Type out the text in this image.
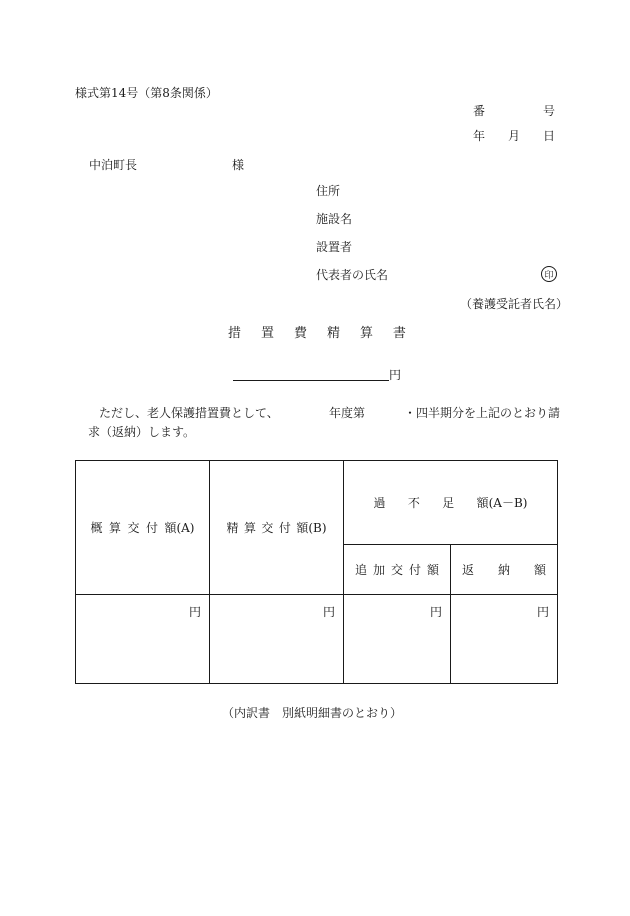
様式第14号（第8条関係）
番	号
年 月 日
中泊町長	様
住所
施設名
設置者
代表者の氏名	印
（養護受託者氏名）
措 置 費 精 算 書
円
ただし、老人保護措置費として、	年度第	・四半期分を上記のとおり請
求（返納）します。
概 算 交 付 額(A)	精 算 交 付 額(B)	過 不 足 額(A－B)	

		追 加 交 付 額	返 納 額

円	円	円	円
（内訳書　別紙明細書のとおり）
